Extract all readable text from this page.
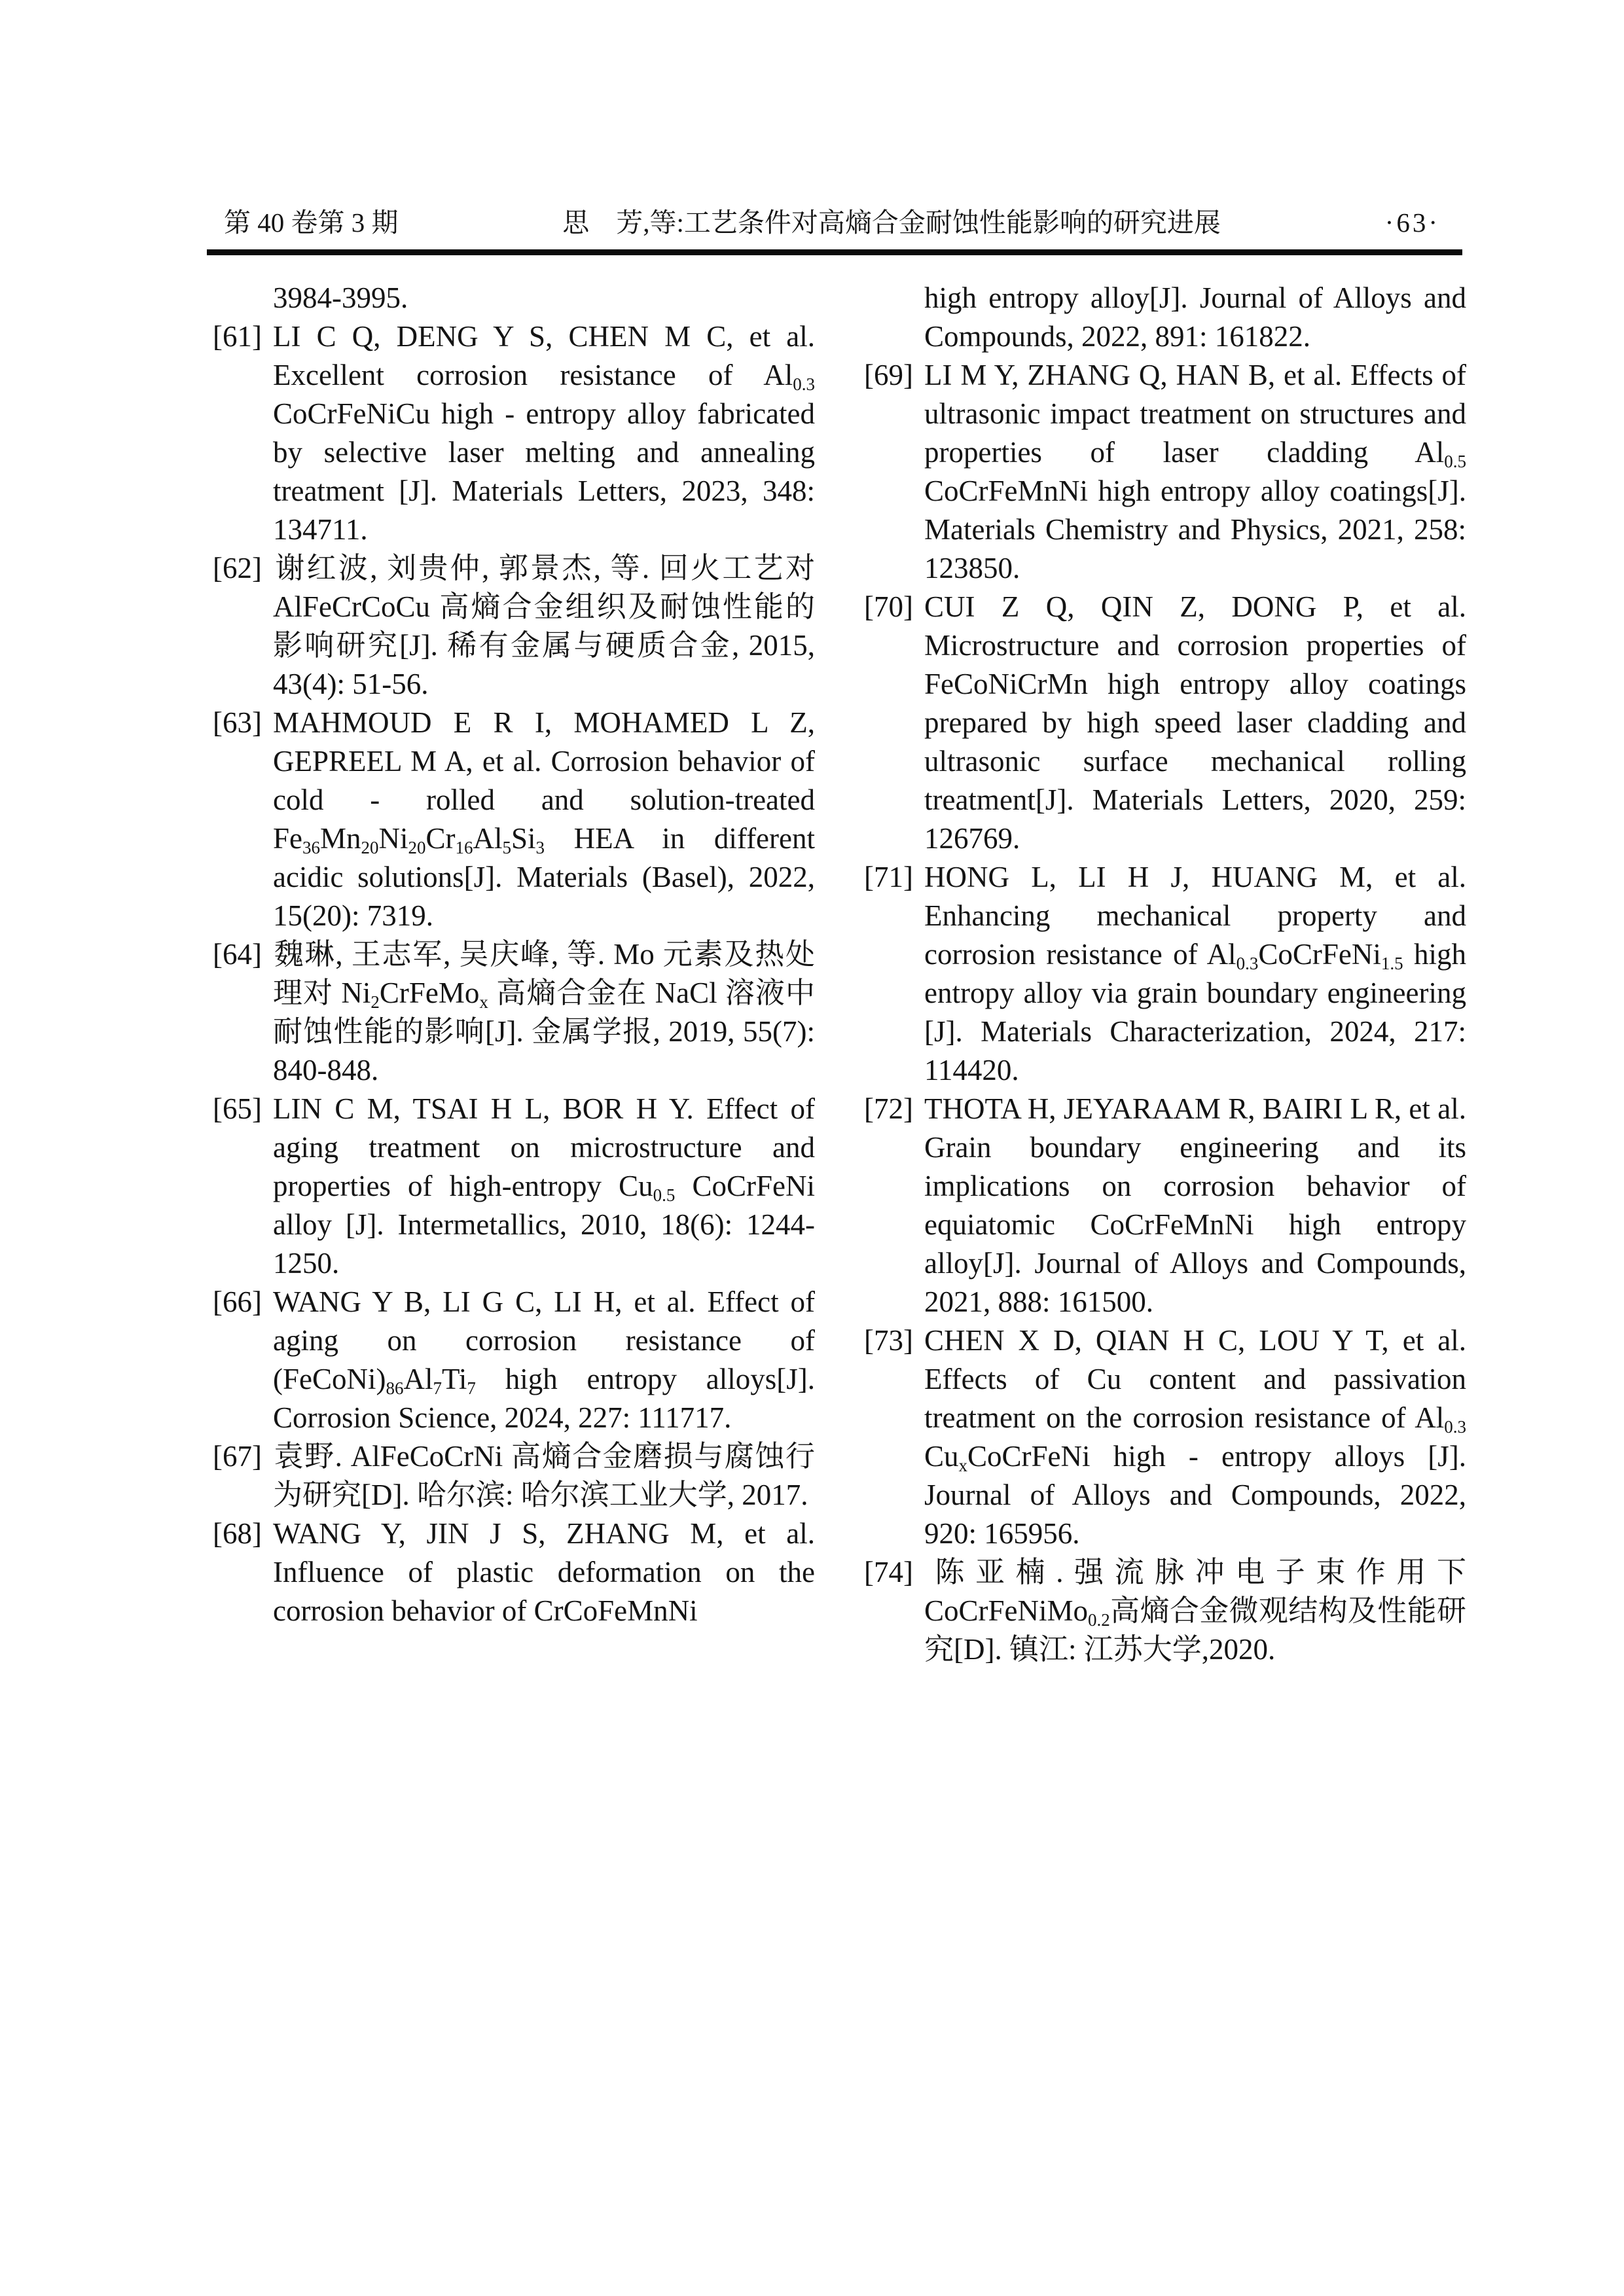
第 40 卷第 3 期	思　芳,等:工艺条件对高熵合金耐蚀性能影响的研究进展	·63·
3984-3995.
[61] LI C Q, DENG Y S, CHEN M C, et al. Excellent corrosion resistance of $Al_{0.3}$ CoCrFeNiCu high - entropy alloy fabricated by selective laser melting and annealing treatment [J]. Materials Letters, 2023, 348: 134711.
[62] 谢红波, 刘贵仲, 郭景杰, 等. 回火工艺对 AlFeCrCoCu 高熵合金组织及耐蚀性能的影响研究[J]. 稀有金属与硬质合金, 2015, 43(4): 51-56.
[63] MAHMOUD E R I, MOHAMED L Z, GEPREEL M A, et al. Corrosion behavior of cold - rolled and solution-treated $Fe_{36}Mn_{20}Ni_{20}Cr_{16}Al_5Si_3$ HEA in different acidic solutions[J]. Materials (Basel), 2022, 15(20): 7319.
[64] 魏琳, 王志军, 吴庆峰, 等. Mo 元素及热处理对 $Ni_2CrFeMo_x$ 高熵合金在 NaCl 溶液中耐蚀性能的影响[J]. 金属学报, 2019, 55(7): 840-848.
[65] LIN C M, TSAI H L, BOR H Y. Effect of aging treatment on microstructure and properties of high-entropy $Cu_{0.5}$ CoCrFeNi alloy [J]. Intermetallics, 2010, 18(6): 1244-1250.
[66] WANG Y B, LI G C, LI H, et al. Effect of aging on corrosion resistance of $(FeCoNi)_{86}Al_7Ti_7$ high entropy alloys[J]. Corrosion Science, 2024, 227: 111717.
[67] 袁野. AlFeCoCrNi 高熵合金磨损与腐蚀行为研究[D]. 哈尔滨: 哈尔滨工业大学, 2017.
[68] WANG Y, JIN J S, ZHANG M, et al. Influence of plastic deformation on the corrosion behavior of CrCoFeMnNi
high entropy alloy[J]. Journal of Alloys and Compounds, 2022, 891: 161822.
[69] LI M Y, ZHANG Q, HAN B, et al. Effects of ultrasonic impact treatment on structures and properties of laser cladding $Al_{0.5}$ CoCrFeMnNi high entropy alloy coatings[J]. Materials Chemistry and Physics, 2021, 258: 123850.
[70] CUI Z Q, QIN Z, DONG P, et al. Microstructure and corrosion properties of FeCoNiCrMn high entropy alloy coatings prepared by high speed laser cladding and ultrasonic surface mechanical rolling treatment[J]. Materials Letters, 2020, 259: 126769.
[71] HONG L, LI H J, HUANG M, et al. Enhancing mechanical property and corrosion resistance of $Al_{0.3}CoCrFeNi_{1.5}$ high entropy alloy via grain boundary engineering [J]. Materials Characterization, 2024, 217: 114420.
[72] THOTA H, JEYARAAM R, BAIRI L R, et al. Grain boundary engineering and its implications on corrosion behavior of equiatomic CoCrFeMnNi high entropy alloy[J]. Journal of Alloys and Compounds, 2021, 888: 161500.
[73] CHEN X D, QIAN H C, LOU Y T, et al. Effects of Cu content and passivation treatment on the corrosion resistance of $Al_{0.3}$ $Cu_xCoCrFeNi$ high - entropy alloys [J]. Journal of Alloys and Compounds, 2022, 920: 165956.
[74] 陈亚楠.强流脉冲电子束作用下 CoCrFeNiMo$_{0.2}$高熵合金微观结构及性能研究[D]. 镇江: 江苏大学,2020.
